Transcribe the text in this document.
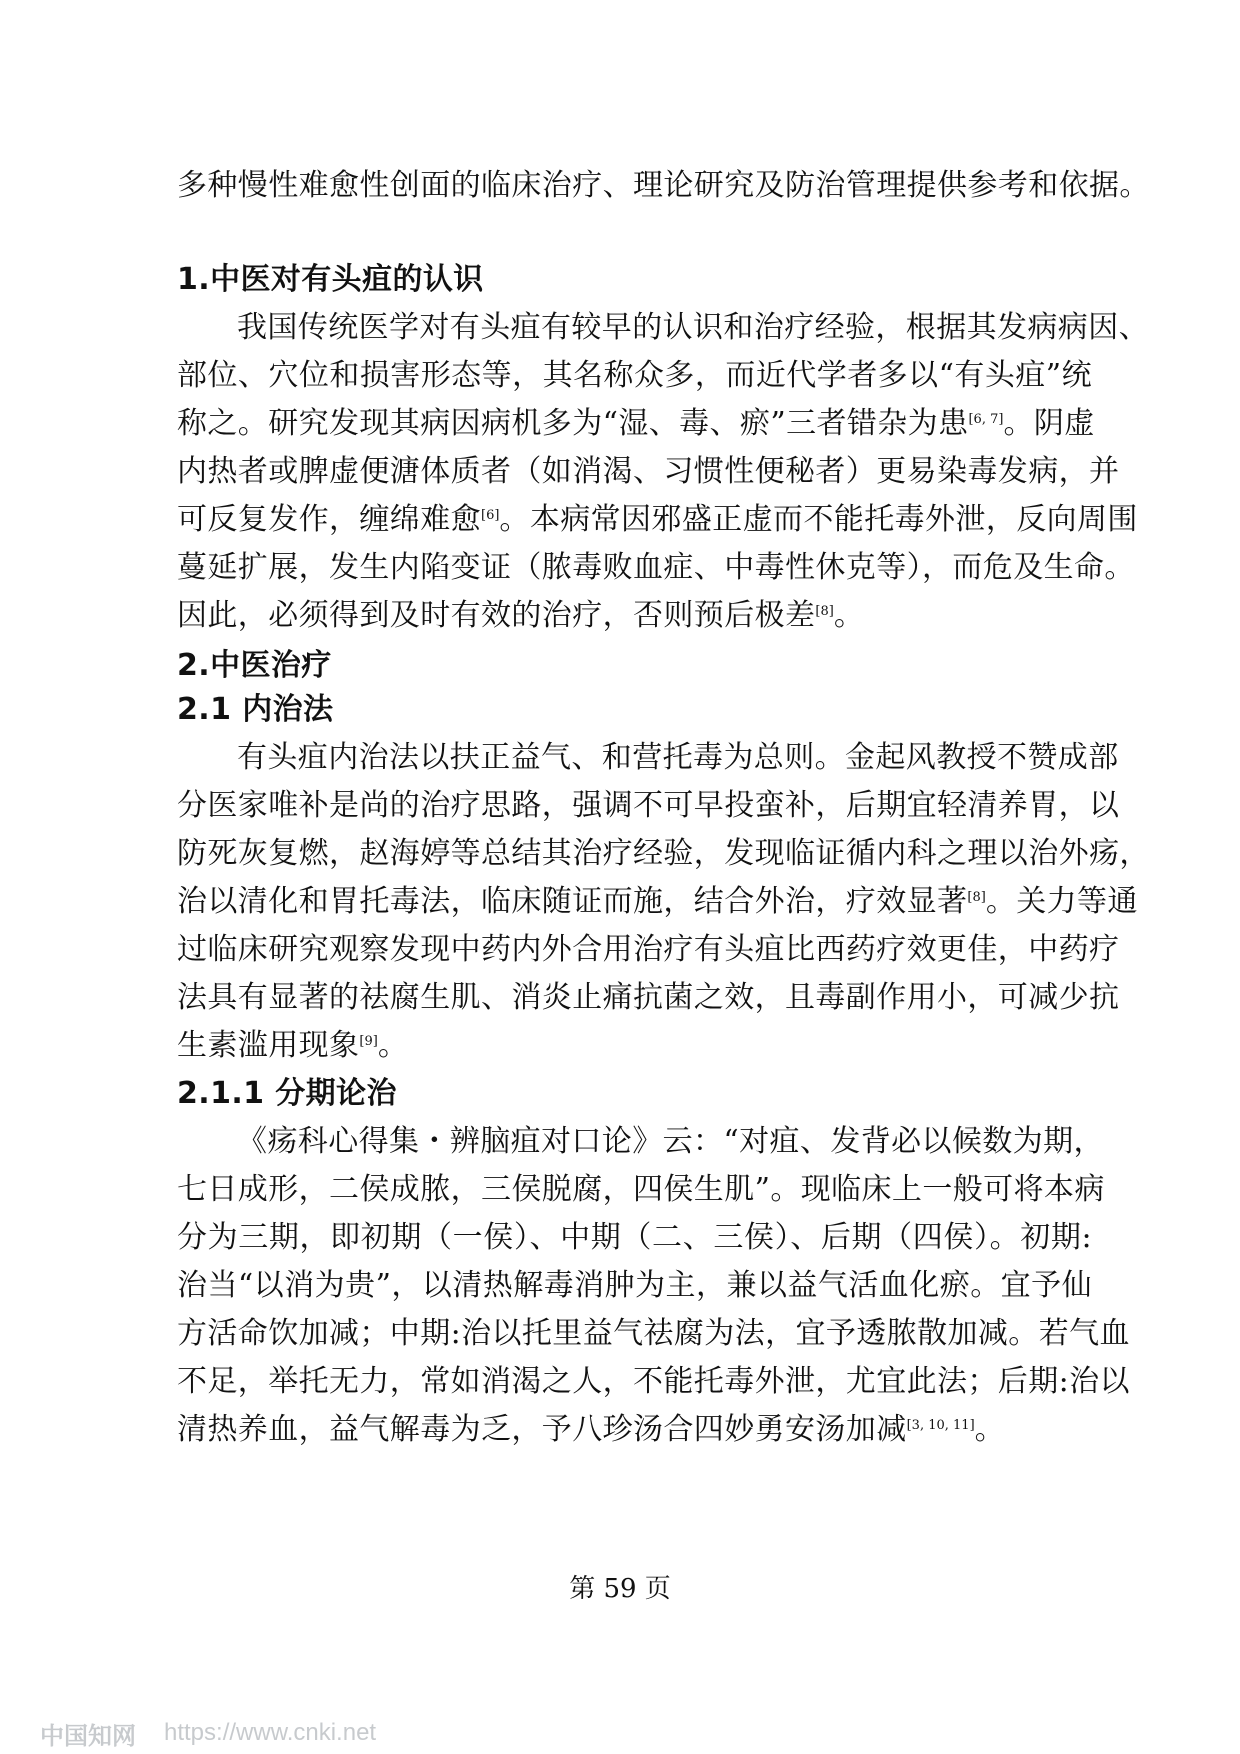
多种慢性难愈性创面的临床治疗、理论研究及防治管理提供参考和依据。
1.中医对有头疽的认识
我国传统医学对有头疽有较早的认识和治疗经验，根据其发病病因、
部位、穴位和损害形态等，其名称众多，而近代学者多以“有头疽”统
称之。研究发现其病因病机多为“湿、毒、瘀”三者错杂为患[6, 7]。阴虚
内热者或脾虚便溏体质者（如消渴、习惯性便秘者）更易染毒发病，并
可反复发作，缠绵难愈[6]。本病常因邪盛正虚而不能托毒外泄，反向周围
蔓延扩展，发生内陷变证（脓毒败血症、中毒性休克等），而危及生命。
因此，必须得到及时有效的治疗，否则预后极差[8]。
2.中医治疗
2.1 内治法
有头疽内治法以扶正益气、和营托毒为总则。金起风教授不赞成部
分医家唯补是尚的治疗思路，强调不可早投蛮补，后期宜轻清养胃，以
防死灰复燃，赵海婷等总结其治疗经验，发现临证循内科之理以治外疡，
治以清化和胃托毒法，临床随证而施，结合外治，疗效显著[8]。关力等通
过临床研究观察发现中药内外合用治疗有头疽比西药疗效更佳，中药疗
法具有显著的祛腐生肌、消炎止痛抗菌之效，且毒副作用小，可减少抗
生素滥用现象[9]。
2.1.1 分期论治
《疡科心得集・辨脑疽对口论》云：“对疽、发背必以候数为期，
七日成形，二侯成脓，三侯脱腐，四侯生肌”。现临床上一般可将本病
分为三期，即初期（一侯）、中期（二、三侯）、后期（四侯）。初期:
治当“以消为贵”，以清热解毒消肿为主，兼以益气活血化瘀。宜予仙
方活命饮加减；中期:治以托里益气祛腐为法，宜予透脓散加减。若气血
不足，举托无力，常如消渴之人，不能托毒外泄，尤宜此法；后期:治以
清热养血，益气解毒为乏，予八珍汤合四妙勇安汤加减[3, 10, 11]。
第 59 页
中国知网 https://www.cnki.net
